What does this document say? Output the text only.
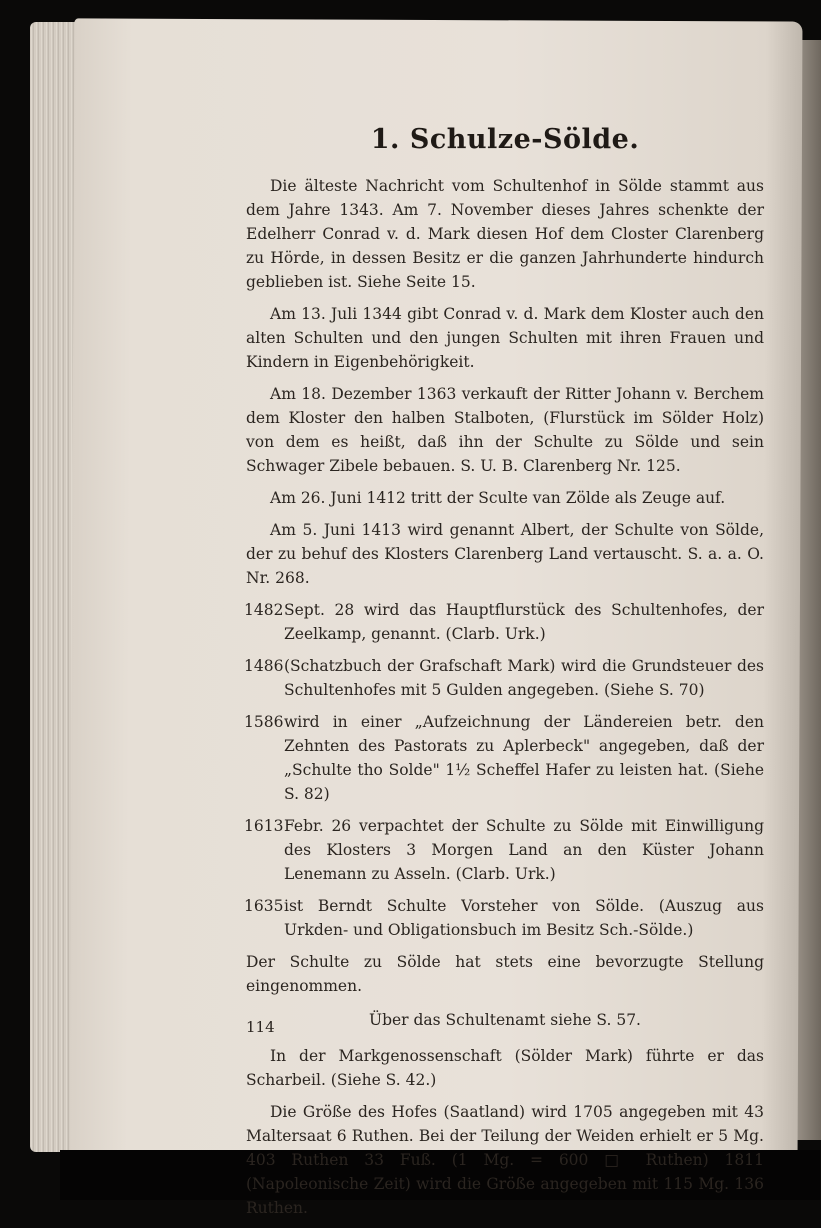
1. Schulze-Sölde.

Die älteste Nachricht vom Schultenhof in Sölde stammt aus dem Jahre 1343. Am 7. November dieses Jahres schenkte der Edelherr Conrad v. d. Mark diesen Hof dem Closter Clarenberg zu Hörde, in dessen Besitz er die ganzen Jahrhunderte hindurch geblieben ist. Siehe Seite 15.

Am 13. Juli 1344 gibt Conrad v. d. Mark dem Kloster auch den alten Schulten und den jungen Schulten mit ihren Frauen und Kindern in Eigenbehörigkeit.

Am 18. Dezember 1363 verkauft der Ritter Johann v. Berchem dem Kloster den halben Stalboten, (Flurstück im Sölder Holz) von dem es heißt, daß ihn der Schulte zu Sölde und sein Schwager Zibele bebauen. S. U. B. Clarenberg Nr. 125.

Am 26. Juni 1412 tritt der Sculte van Zölde als Zeuge auf.

Am 5. Juni 1413 wird genannt Albert, der Schulte von Sölde, der zu behuf des Klosters Clarenberg Land vertauscht. S. a. a. O. Nr. 268.

1482 Sept. 28 wird das Hauptflurstück des Schultenhofes, der Zeelkamp, genannt. (Clarb. Urk.)
1486 (Schatzbuch der Grafschaft Mark) wird die Grundsteuer des Schultenhofes mit 5 Gulden angegeben. (Siehe S. 70)
1586 wird in einer „Aufzeichnung der Ländereien betr. den Zehnten des Pastorats zu Aplerbeck" angegeben, daß der „Schulte tho Solde" 1½ Scheffel Hafer zu leisten hat. (Siehe S. 82)
1613 Febr. 26 verpachtet der Schulte zu Sölde mit Einwilligung des Klosters 3 Morgen Land an den Küster Johann Lenemann zu Asseln. (Clarb. Urk.)
1635 ist Berndt Schulte Vorsteher von Sölde. (Auszug aus Urkden- und Obligationsbuch im Besitz Sch.-Sölde.)

Der Schulte zu Sölde hat stets eine bevorzugte Stellung eingenommen.

Über das Schultenamt siehe S. 57.

In der Markgenossenschaft (Sölder Mark) führte er das Scharbeil. (Siehe S. 42.)

Die Größe des Hofes (Saatland) wird 1705 angegeben mit 43 Maltersaat 6 Ruthen. Bei der Teilung der Weiden erhielt er 5 Mg. 403 Ruthen 33 Fuß. (1 Mg. = 600 □ Ruthen) 1811 (Napoleonische Zeit) wird die Größe angegeben mit 115 Mg. 136 Ruthen.

114
